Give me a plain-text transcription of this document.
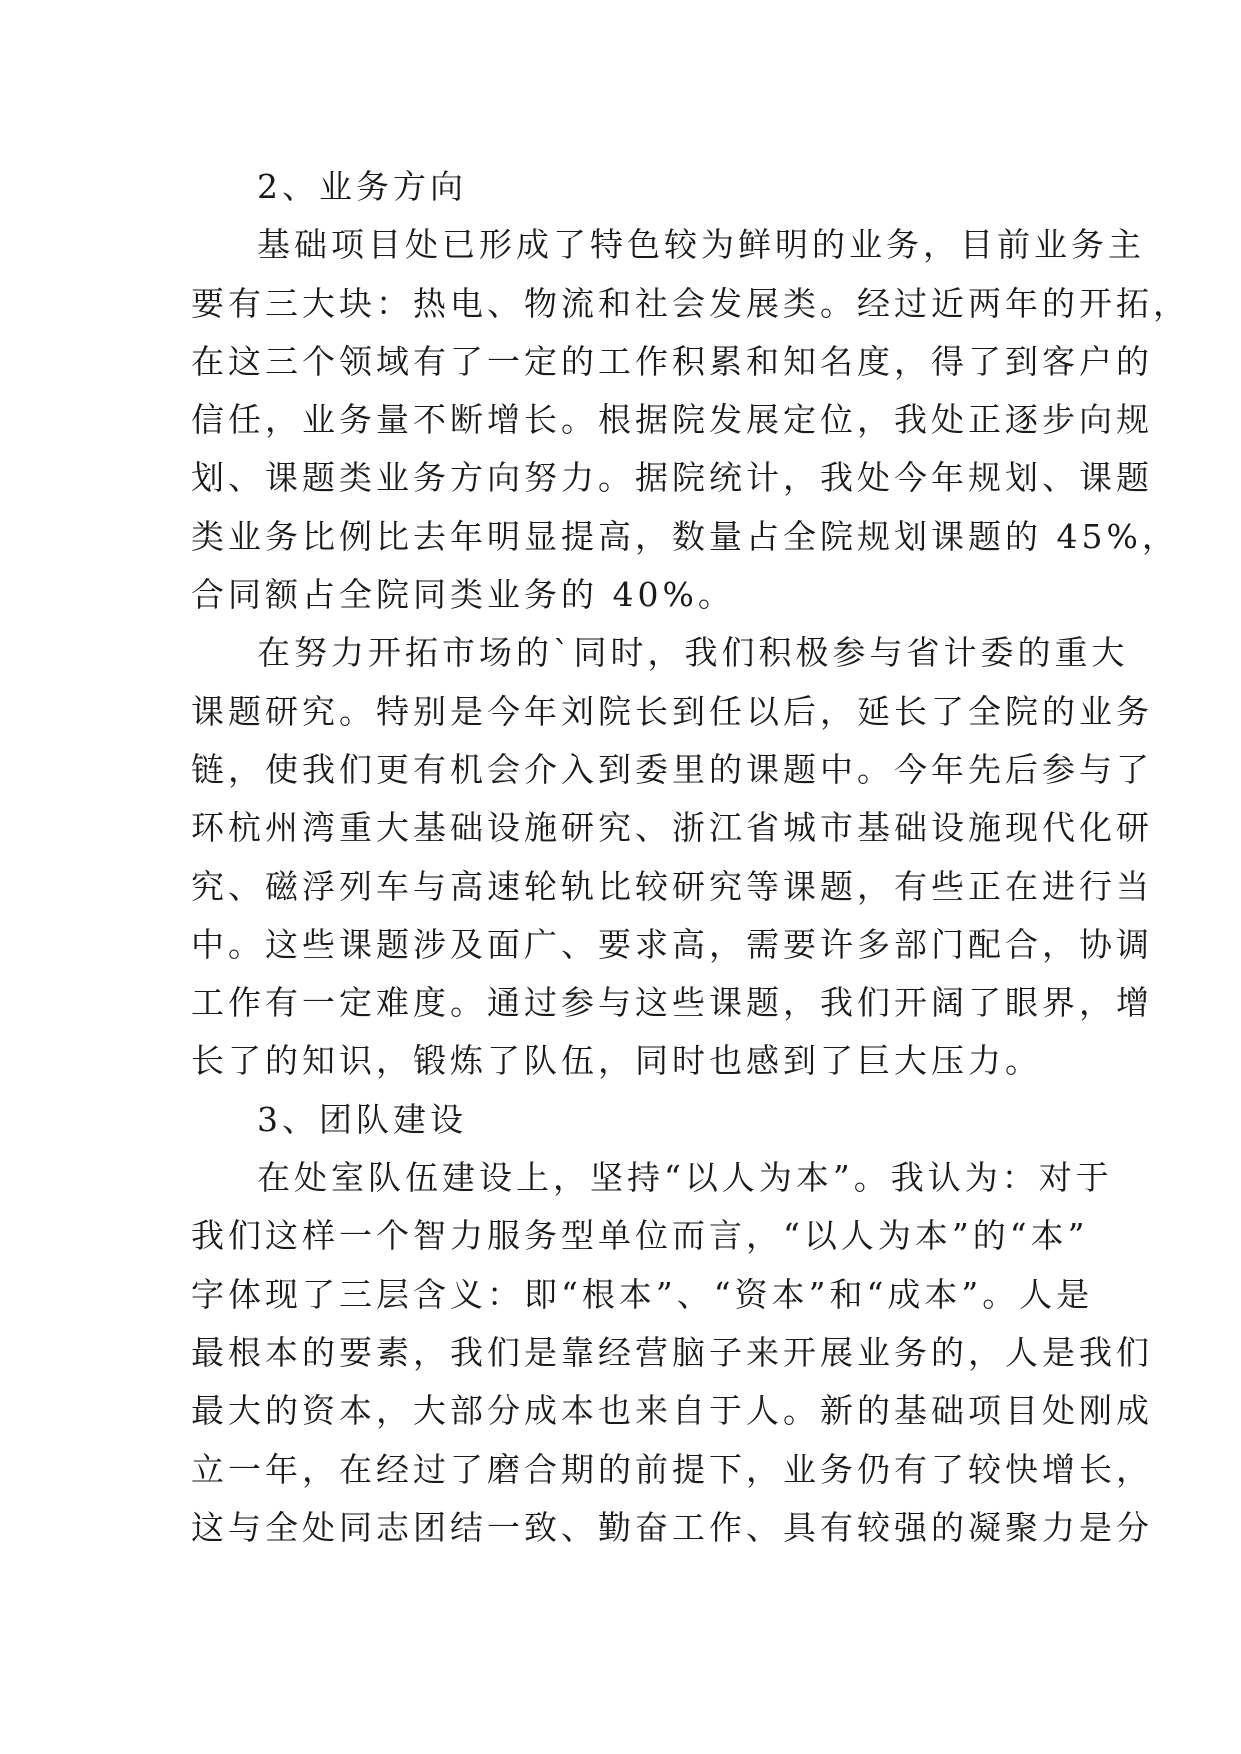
2、业务方向
基础项目处已形成了特色较为鲜明的业务，目前业务主
要有三大块：热电、物流和社会发展类。经过近两年的开拓，
在这三个领域有了一定的工作积累和知名度，得了到客户的
信任，业务量不断增长。根据院发展定位，我处正逐步向规
划、课题类业务方向努力。据院统计，我处今年规划、课题
类业务比例比去年明显提高，数量占全院规划课题的 45%，
合同额占全院同类业务的 40%。
在努力开拓市场的`同时，我们积极参与省计委的重大
课题研究。特别是今年刘院长到任以后，延长了全院的业务
链，使我们更有机会介入到委里的课题中。今年先后参与了
环杭州湾重大基础设施研究、浙江省城市基础设施现代化研
究、磁浮列车与高速轮轨比较研究等课题，有些正在进行当
中。这些课题涉及面广、要求高，需要许多部门配合，协调
工作有一定难度。通过参与这些课题，我们开阔了眼界，增
长了的知识，锻炼了队伍，同时也感到了巨大压力。
3、团队建设
在处室队伍建设上，坚持“以人为本”。我认为：对于
我们这样一个智力服务型单位而言，“以人为本”的“本”
字体现了三层含义：即“根本”、“资本”和“成本”。人是
最根本的要素，我们是靠经营脑子来开展业务的，人是我们
最大的资本，大部分成本也来自于人。新的基础项目处刚成
立一年，在经过了磨合期的前提下，业务仍有了较快增长，
这与全处同志团结一致、勤奋工作、具有较强的凝聚力是分
